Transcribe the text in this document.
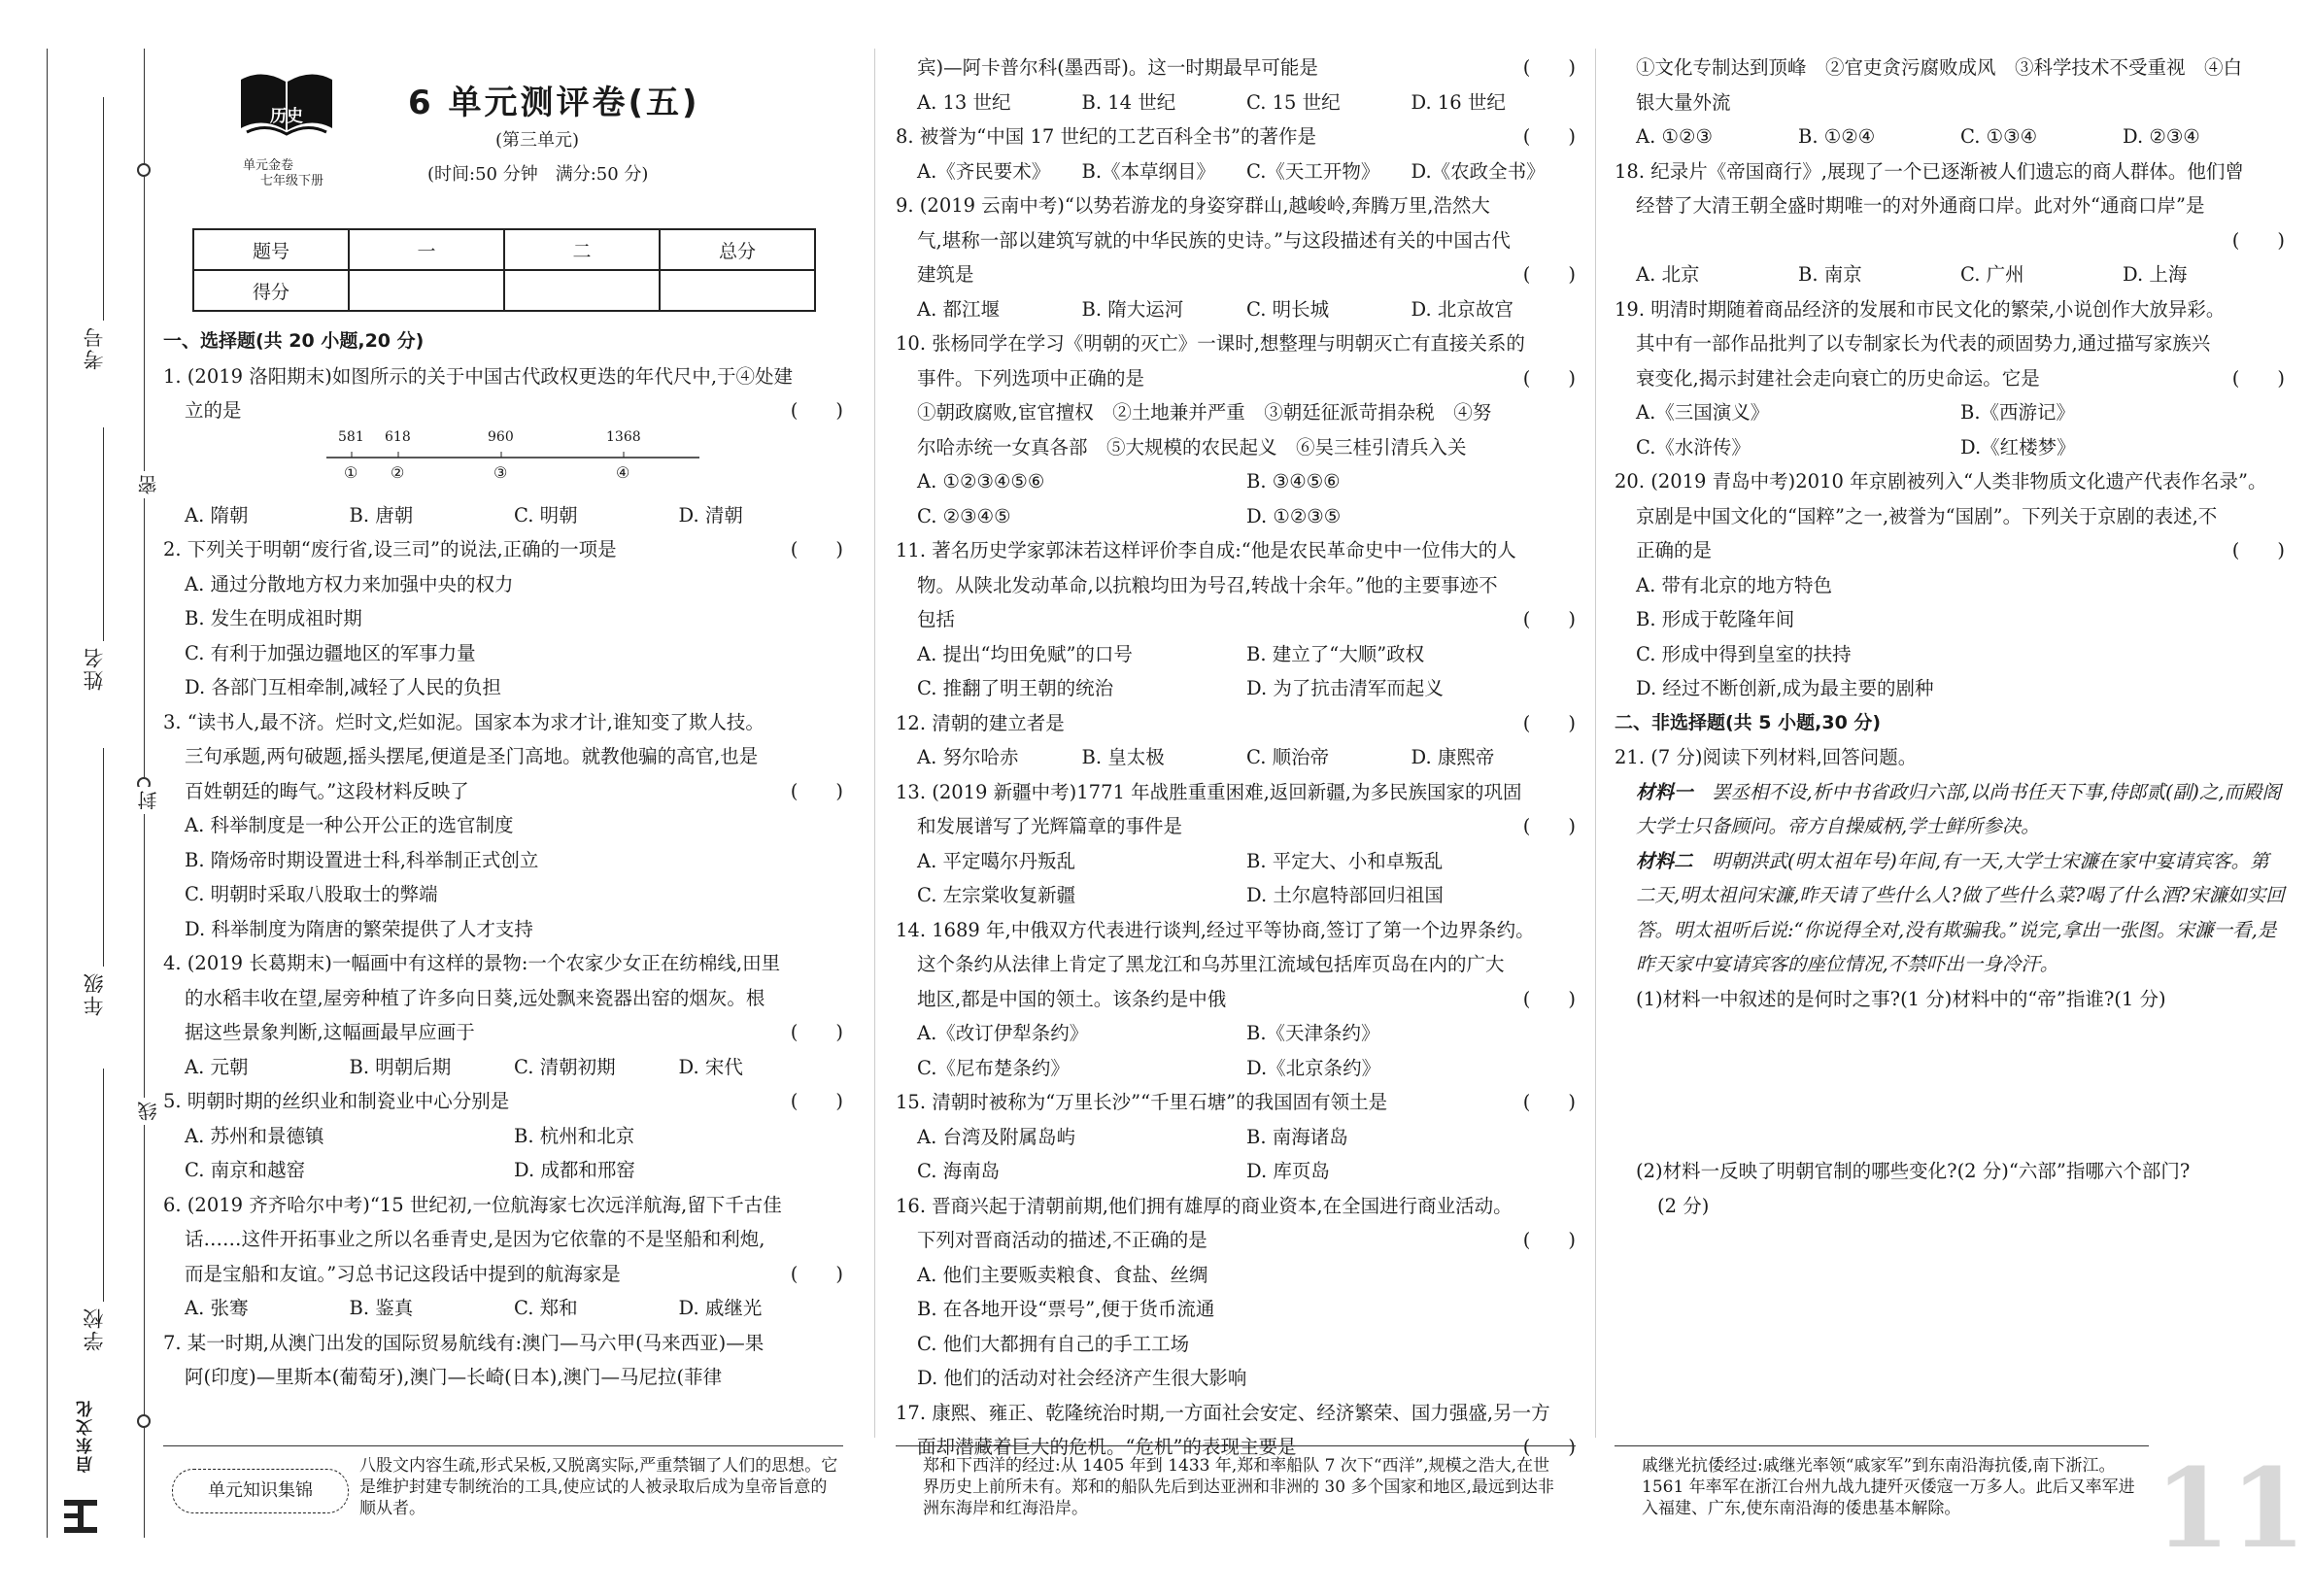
考号
姓名
年级
学校
密
封
线
启东文化
历史
单元金卷
七年级下册
6 单元测评卷(五)
(第三单元)
(时间:50 分钟　满分:50 分)
题号	一	二	总分
得分			
一、选择题(共 20 小题,20 分)
1. (2019 洛阳期末)如图所示的关于中国古代政权更迭的年代尺中,于④处建
立的是	(　　)
581 618	960	1368
① ②	③	④
A. 隋朝	B. 唐朝	C. 明朝	D. 清朝
2. 下列关于明朝“废行省,设三司”的说法,正确的一项是	(　　)
A. 通过分散地方权力来加强中央的权力
B. 发生在明成祖时期
C. 有利于加强边疆地区的军事力量
D. 各部门互相牵制,减轻了人民的负担
3. “读书人,最不济。烂时文,烂如泥。国家本为求才计,谁知变了欺人技。
三句承题,两句破题,摇头摆尾,便道是圣门高地。就教他骗的高官,也是
百姓朝廷的晦气。”这段材料反映了	(　　)
A. 科举制度是一种公开公正的选官制度
B. 隋炀帝时期设置进士科,科举制正式创立
C. 明朝时采取八股取士的弊端
D. 科举制度为隋唐的繁荣提供了人才支持
4. (2019 长葛期末)一幅画中有这样的景物:一个农家少女正在纺棉线,田里
的水稻丰收在望,屋旁种植了许多向日葵,远处飘来瓷器出窑的烟灰。根
据这些景象判断,这幅画最早应画于	(　　)
A. 元朝	B. 明朝后期	C. 清朝初期	D. 宋代
5. 明朝时期的丝织业和制瓷业中心分别是	(　　)
A. 苏州和景德镇	B. 杭州和北京
C. 南京和越窑	D. 成都和邢窑
6. (2019 齐齐哈尔中考)“15 世纪初,一位航海家七次远洋航海,留下千古佳
话……这件开拓事业之所以名垂青史,是因为它依靠的不是坚船和利炮,
而是宝船和友谊。”习总书记这段话中提到的航海家是	(　　)
A. 张骞	B. 鉴真	C. 郑和	D. 戚继光
7. 某一时期,从澳门出发的国际贸易航线有:澳门—马六甲(马来西亚)—果
阿(印度)—里斯本(葡萄牙),澳门—长崎(日本),澳门—马尼拉(菲律
宾)—阿卡普尔科(墨西哥)。这一时期最早可能是	(　　)
A. 13 世纪	B. 14 世纪	C. 15 世纪	D. 16 世纪
8. 被誉为“中国 17 世纪的工艺百科全书”的著作是	(　　)
A.《齐民要术》	B.《本草纲目》	C.《天工开物》	D.《农政全书》
9. (2019 云南中考)“以势若游龙的身姿穿群山,越峻岭,奔腾万里,浩然大
气,堪称一部以建筑写就的中华民族的史诗。”与这段描述有关的中国古代
建筑是	(　　)
A. 都江堰	B. 隋大运河	C. 明长城	D. 北京故宫
10. 张杨同学在学习《明朝的灭亡》一课时,想整理与明朝灭亡有直接关系的
事件。下列选项中正确的是	(　　)
①朝政腐败,宦官擅权　②土地兼并严重　③朝廷征派苛捐杂税　④努
尔哈赤统一女真各部　⑤大规模的农民起义　⑥吴三桂引清兵入关
A. ①②③④⑤⑥	B. ③④⑤⑥
C. ②③④⑤	D. ①②③⑤
11. 著名历史学家郭沫若这样评价李自成:“他是农民革命史中一位伟大的人
物。从陕北发动革命,以抗粮均田为号召,转战十余年。”他的主要事迹不
包括	(　　)
A. 提出“均田免赋”的口号	B. 建立了“大顺”政权
C. 推翻了明王朝的统治	D. 为了抗击清军而起义
12. 清朝的建立者是	(　　)
A. 努尔哈赤	B. 皇太极	C. 顺治帝	D. 康熙帝
13. (2019 新疆中考)1771 年战胜重重困难,返回新疆,为多民族国家的巩固
和发展谱写了光辉篇章的事件是	(　　)
A. 平定噶尔丹叛乱	B. 平定大、小和卓叛乱
C. 左宗棠收复新疆	D. 土尔扈特部回归祖国
14. 1689 年,中俄双方代表进行谈判,经过平等协商,签订了第一个边界条约。
这个条约从法律上肯定了黑龙江和乌苏里江流域包括库页岛在内的广大
地区,都是中国的领土。该条约是中俄	(　　)
A.《改订伊犁条约》	B.《天津条约》
C.《尼布楚条约》	D.《北京条约》
15. 清朝时被称为“万里长沙”“千里石塘”的我国固有领土是	(　　)
A. 台湾及附属岛屿	B. 南海诸岛
C. 海南岛	D. 库页岛
16. 晋商兴起于清朝前期,他们拥有雄厚的商业资本,在全国进行商业活动。
下列对晋商活动的描述,不正确的是	(　　)
A. 他们主要贩卖粮食、食盐、丝绸
B. 在各地开设“票号”,便于货币流通
C. 他们大都拥有自己的手工工场
D. 他们的活动对社会经济产生很大影响
17. 康熙、雍正、乾隆统治时期,一方面社会安定、经济繁荣、国力强盛,另一方
面却潜藏着巨大的危机。“危机”的表现主要是	(　　)
①文化专制达到顶峰　②官吏贪污腐败成风　③科学技术不受重视　④白
银大量外流
A. ①②③	B. ①②④	C. ①③④	D. ②③④
18. 纪录片《帝国商行》,展现了一个已逐渐被人们遗忘的商人群体。他们曾
经替了大清王朝全盛时期唯一的对外通商口岸。此对外“通商口岸”是
(　　)
A. 北京	B. 南京	C. 广州	D. 上海
19. 明清时期随着商品经济的发展和市民文化的繁荣,小说创作大放异彩。
其中有一部作品批判了以专制家长为代表的顽固势力,通过描写家族兴
衰变化,揭示封建社会走向衰亡的历史命运。它是	(　　)
A.《三国演义》	B.《西游记》
C.《水浒传》	D.《红楼梦》
20. (2019 青岛中考)2010 年京剧被列入“人类非物质文化遗产代表作名录”。
京剧是中国文化的“国粹”之一,被誉为“国剧”。下列关于京剧的表述,不
正确的是	(　　)
A. 带有北京的地方特色
B. 形成于乾隆年间
C. 形成中得到皇室的扶持
D. 经过不断创新,成为最主要的剧种
二、非选择题(共 5 小题,30 分)
21. (7 分)阅读下列材料,回答问题。
材料一　 罢丞相不设,析中书省政归六部,以尚书任天下事,侍郎贰(副)之,而殿阁大学士只备顾问。帝方自操威柄,学士鲜所参决。
材料二　 明朝洪武(明太祖年号)年间,有一天,大学士宋濂在家中宴请宾客。第二天,明太祖问宋濂,昨天请了些什么人?做了些什么菜?喝了什么酒?宋濂如实回答。明太祖听后说:“你说得全对,没有欺骗我。”说完,拿出一张图。宋濂一看,是昨天家中宴请宾客的座位情况,不禁吓出一身冷汗。
(1)材料一中叙述的是何时之事?(1 分)材料中的“帝”指谁?(1 分)
(2)材料一反映了明朝官制的哪些变化?(2 分)“六部”指哪六个部门?
(2 分)
单元知识集锦
八股文内容生疏,形式呆板,又脱离实际,严重禁锢了人们的思想。它是维护封建专制统治的工具,使应试的人被录取后成为皇帝旨意的顺从者。
郑和下西洋的经过:从 1405 年到 1433 年,郑和率船队 7 次下“西洋”,规模之浩大,在世界历史上前所未有。郑和的船队先后到达亚洲和非洲的 30 多个国家和地区,最远到达非洲东海岸和红海沿岸。
戚继光抗倭经过:戚继光率领“戚家军”到东南沿海抗倭,南下浙江。1561 年率军在浙江台州九战九捷歼灭倭寇一万多人。此后又率军进入福建、广东,使东南沿海的倭患基本解除。	11
